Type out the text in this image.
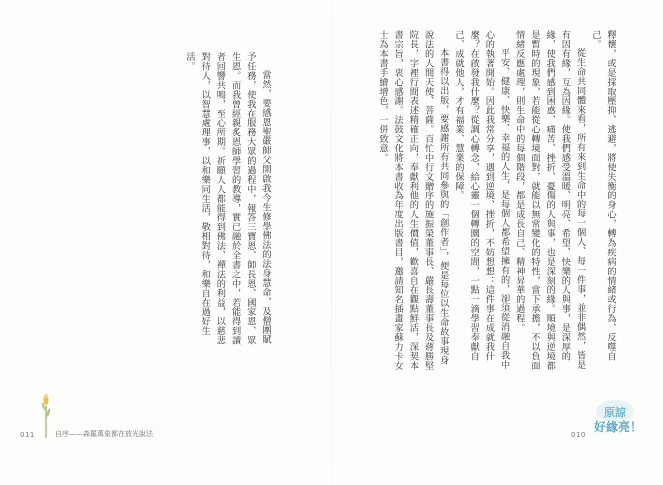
當然，要感恩聖嚴師父開啟我今生修學佛法的法身慧命，及僧團賦予任務，使我在服務大眾的過程中，報答三寶恩、師長恩、國家恩、眾生恩。而我曾經親炙恩師學習的教導，實已融於全書之中，若能得到讀者回響共鳴，至心所期。祈願人人都能得到佛法、禪法的利益，以慈悲對待人，以智慧處理事，以和樂同生活，敬相對待，和樂自在過好生活。

011	自序——森羅萬象都在放光說法

釋懷，或是採取壓抑、逃避，將使失衡的身心，轉為疾病的情緒或行為，反噬自己。

從生命共同體來看，所有來到生命中的每一個人、每一件事，並非偶然，皆是有因有緣，互為因緣。使我們感受溫暖、明亮、希望、快樂的人與事，是深厚的緣，使我們感到困惑、痛苦、挫折、憂傷的人與事，也是深刻的緣。順境與逆境都是暫時的現象，若能從心轉境面對，就能以無常變化的特性，當下承擔，不以負面情緒反應處理，則生命中的每個階段，都是成長自己、精神昇華的過程。

平安、健康、快樂、幸福的人生，是每個人都希望擁有的，卻須從消融自我中心的執著開始。因此我常分享，遇到逆境、挫折，不妨想想：這件事在成就我什麼？在啟發我什麼？從調心轉念，給心靈一個轉圜的空間，一點一滴學習奉獻自己、成就他人，才有福業、慧業的保障。

本書得以出版，要感謝所有共同參與的「創作者」，便是每位以生命故事現身說法的人間天使、菩薩。百忙中行文贈序的施振榮董事長、嚴長壽董事長及蔣勝堅院長，字裡行間表述精確正向，奉獻利他的人生價值，歡喜自在觀點鮮活，深契本書宗旨，衷心感謝。法鼓文化將本書收為年度出版書目，邀請知名插畫家蘇力卡女士為本書手繪增色，一併致意。

010
原諒
好緣亮！
